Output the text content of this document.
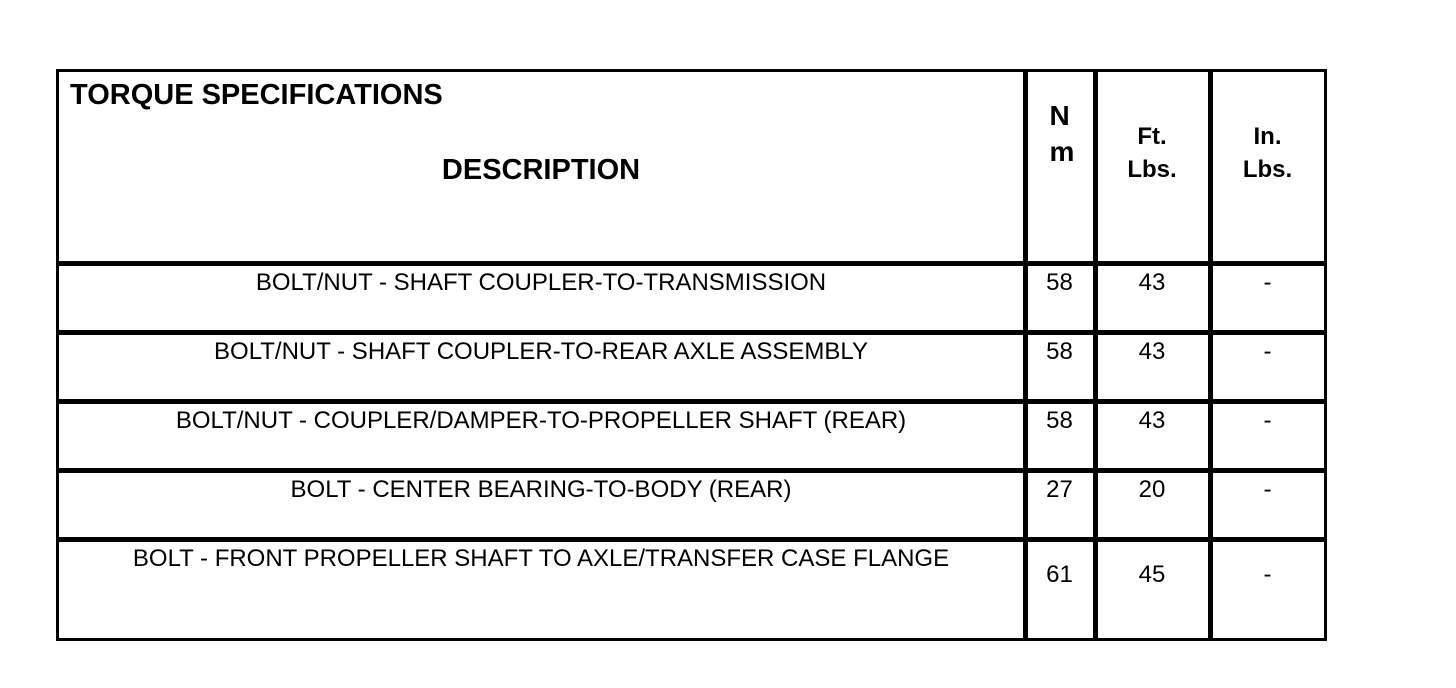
TORQUE SPECIFICATIONS
DESCRIPTION	N m	Ft. Lbs.	In. Lbs.

BOLT/NUT - SHAFT COUPLER-TO-TRANSMISSION	58	43	-

BOLT/NUT - SHAFT COUPLER-TO-REAR AXLE ASSEMBLY	58	43	-

BOLT/NUT - COUPLER/DAMPER-TO-PROPELLER SHAFT (REAR)	58	43	-

BOLT - CENTER BEARING-TO-BODY (REAR)	27	20	-

BOLT - FRONT PROPELLER SHAFT TO AXLE/TRANSFER CASE FLANGE	61	45	-
